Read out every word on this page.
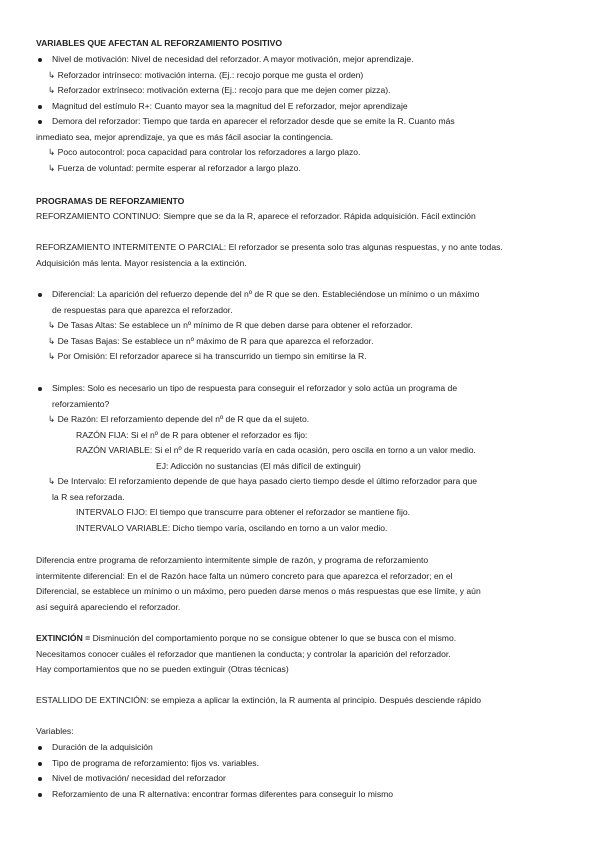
VARIABLES QUE AFECTAN AL REFORZAMIENTO POSITIVO
Nivel de motivación: Nivel de necesidad del reforzador. A mayor motivación, mejor aprendizaje.
↳ Reforzador intrínseco: motivación interna. (Ej.: recojo porque me gusta el orden)
↳ Reforzador extrínseco: motivación externa (Ej.: recojo para que me dejen comer pizza).
Magnitud del estímulo R+: Cuanto mayor sea la magnitud del E reforzador, mejor aprendizaje
Demora del reforzador: Tiempo que tarda en aparecer el reforzador desde que se emite la R. Cuanto más
inmediato sea, mejor aprendizaje, ya que es más fácil asociar la contingencia.
↳ Poco autocontrol: poca capacidad para controlar los reforzadores a largo plazo.
↳ Fuerza de voluntad: permite esperar al reforzador a largo plazo.
PROGRAMAS DE REFORZAMIENTO
REFORZAMIENTO CONTINUO: Siempre que se da la R, aparece el reforzador. Rápida adquisición. Fácil extinción
REFORZAMIENTO INTERMITENTE O PARCIAL: El reforzador se presenta solo tras algunas respuestas, y no ante todas.
Adquisición más lenta. Mayor resistencia a la extinción.
Diferencial: La aparición del refuerzo depende del nº de R que se den. Estableciéndose un mínimo o un máximo
de respuestas para que aparezca el reforzador.
↳ De Tasas Altas: Se establece un nº mínimo de R que deben darse para obtener el reforzador.
↳ De Tasas Bajas: Se establece un nº máximo de R para que aparezca el reforzador.
↳ Por Omisión: El reforzador aparece si ha transcurrido un tiempo sin emitirse la R.
Simples: Solo es necesario un tipo de respuesta para conseguir el reforzador y solo actúa un programa de
reforzamiento?
↳ De Razón: El reforzamiento depende del nº de R que da el sujeto.
RAZÓN FIJA: Si el nº de R para obtener el reforzador es fijo:
RAZÓN VARIABLE: Si el nº de R requerido varía en cada ocasión, pero oscila en torno a un valor medio.
EJ: Adicción no sustancias (El más difícil de extinguir)
↳ De Intervalo: El reforzamiento depende de que haya pasado cierto tiempo desde el último reforzador para que
la R sea reforzada.
INTERVALO FIJO: El tiempo que transcurre para obtener el reforzador se mantiene fijo.
INTERVALO VARIABLE: Dicho tiempo varía, oscilando en torno a un valor medio.
Diferencia entre programa de reforzamiento intermitente simple de razón, y programa de reforzamiento
intermitente diferencial: En el de Razón hace falta un número concreto para que aparezca el reforzador; en el
Diferencial, se establece un mínimo o un máximo, pero pueden darse menos o más respuestas que ese límite, y aún
así seguirá apareciendo el reforzador.
EXTINCIÓN = Disminución del comportamiento porque no se consigue obtener lo que se busca con el mismo.
Necesitamos conocer cuáles el reforzador que mantienen la conducta; y controlar la aparición del reforzador.
Hay comportamientos que no se pueden extinguir (Otras técnicas)
ESTALLIDO DE EXTINCIÓN: se empieza a aplicar la extinción, la R aumenta al principio. Después desciende rápido
Variables:
Duración de la adquisición
Tipo de programa de reforzamiento: fijos vs. variables.
Nivel de motivación/ necesidad del reforzador
Reforzamiento de una R alternativa: encontrar formas diferentes para conseguir lo mismo
